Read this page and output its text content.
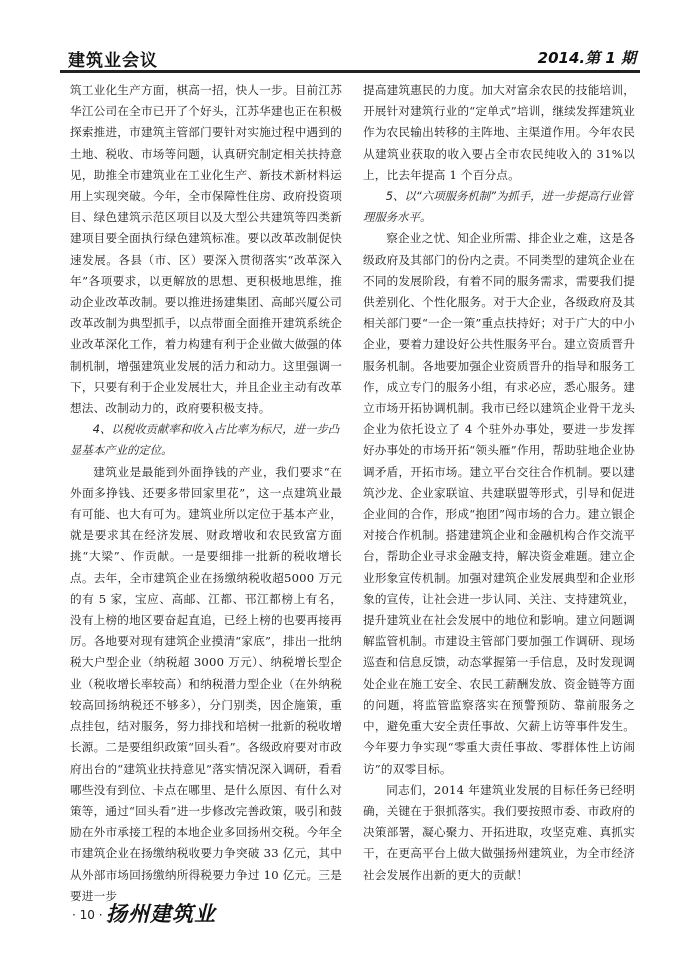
建筑业会议	2014.第 1 期

筑工业化生产方面，棋高一招，快人一步。目前江苏华江公司在全市已开了个好头，江苏华建也正在积极探索推进，市建筑主管部门要针对实施过程中遇到的土地、税收、市场等问题，认真研究制定相关扶持意见，助推全市建筑业在工业化生产、新技术新材料运用上实现突破。今年，全市保障性住房、政府投资项目、绿色建筑示范区项目以及大型公共建筑等四类新建项目要全面执行绿色建筑标准。要以改革改制促快速发展。各县（市、区）要深入贯彻落实“改革深入年”各项要求，以更解放的思想、更积极地思维，推动企业改革改制。要以推进扬建集团、高邮兴厦公司改革改制为典型抓手，以点带面全面推开建筑系统企业改革深化工作，着力构建有利于企业做大做强的体制机制，增强建筑业发展的活力和动力。这里强调一下，只要有利于企业发展壮大，并且企业主动有改革想法、改制动力的，政府要积极支持。

4、以税收贡献率和收入占比率为标尺，进一步凸显基本产业的定位。

建筑业是最能到外面挣钱的产业，我们要求“在外面多挣钱、还要多带回家里花”，这一点建筑业最有可能、也大有可为。建筑业所以定位于基本产业，就是要求其在经济发展、财政增收和农民致富方面挑“大梁”、作贡献。一是要细排一批新的税收增长点。去年，全市建筑企业在扬缴纳税收超5000 万元的有 5 家，宝应、高邮、江都、邗江都榜上有名，没有上榜的地区要奋起直追，已经上榜的也要再接再厉。各地要对现有建筑企业摸清“家底”，排出一批纳税大户型企业（纳税超 3000 万元）、纳税增长型企业（税收增长率较高）和纳税潜力型企业（在外纳税较高回扬纳税还不够多），分门别类，因企施策，重点挂包，结对服务，努力排找和培树一批新的税收增长源。二是要组织政策“回头看”。各级政府要对市政府出台的“建筑业扶持意见”落实情况深入调研，看看哪些没有到位、卡点在哪里、是什么原因、有什么对策等，通过“回头看”进一步修改完善政策，吸引和鼓励在外市承接工程的本地企业多回扬州交税。今年全市建筑企业在扬缴纳税收要力争突破 33 亿元，其中从外部市场回扬缴纳所得税要力争过 10 亿元。三是要进一步

提高建筑惠民的力度。加大对富余农民的技能培训，开展针对建筑行业的“定单式”培训，继续发挥建筑业作为农民输出转移的主阵地、主渠道作用。今年农民从建筑业获取的收入要占全市农民纯收入的 31%以上，比去年提高 1 个百分点。

5、以“六项服务机制”为抓手，进一步提高行业管理服务水平。

察企业之忧、知企业所需、排企业之难，这是各级政府及其部门的份内之责。不同类型的建筑企业在不同的发展阶段，有着不同的服务需求，需要我们提供差别化、个性化服务。对于大企业，各级政府及其相关部门要“一企一策”重点扶持好；对于广大的中小企业，要着力建设好公共性服务平台。建立资质晋升服务机制。各地要加强企业资质晋升的指导和服务工作，成立专门的服务小组，有求必应，悉心服务。建立市场开拓协调机制。我市已经以建筑企业骨干龙头企业为依托设立了 4 个驻外办事处，要进一步发挥好办事处的市场开拓“领头雁”作用，帮助驻地企业协调矛盾，开拓市场。建立平台交往合作机制。要以建筑沙龙、企业家联谊、共建联盟等形式，引导和促进企业间的合作，形成“抱团”闯市场的合力。建立银企对接合作机制。搭建建筑企业和金融机构合作交流平台，帮助企业寻求金融支持，解决资金难题。建立企业形象宣传机制。加强对建筑企业发展典型和企业形象的宣传，让社会进一步认同、关注、支持建筑业，提升建筑业在社会发展中的地位和影响。建立问题调解监管机制。市建设主管部门要加强工作调研、现场巡查和信息反馈，动态掌握第一手信息，及时发现调处企业在施工安全、农民工薪酬发放、资金链等方面的问题，将监管监察落实在预警预防、靠前服务之中，避免重大安全责任事故、欠薪上访等事件发生。今年要力争实现“零重大责任事故、零群体性上访闹访”的双零目标。

同志们，2014 年建筑业发展的目标任务已经明确，关键在于狠抓落实。我们要按照市委、市政府的决策部署，凝心聚力、开拓进取，攻坚克难、真抓实干，在更高平台上做大做强扬州建筑业，为全市经济社会发展作出新的更大的贡献！

· 10 · 扬州建筑业
